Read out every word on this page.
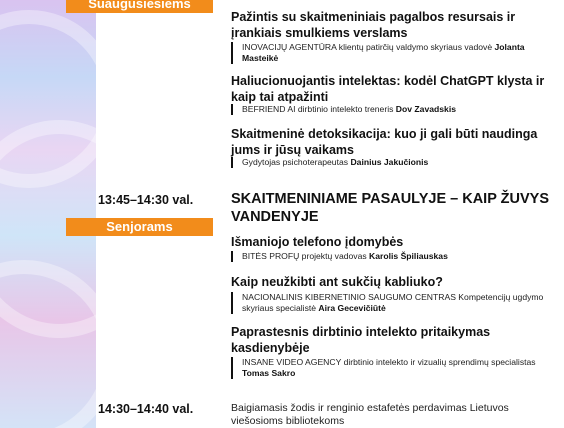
Suaugusiesiems
Pažintis su skaitmeniniais pagalbos resursais ir įrankiais smulkiems verslams
INOVACIJŲ AGENTŪRA klientų patirčių valdymo skyriaus vadovė Jolanta Masteikė
Haliucionuojantis intelektas: kodėl ChatGPT klysta ir kaip tai atpažinti
BEFRIEND AI dirbtinio intelekto treneris Dov Zavadskis
Skaitmeninė detoksikacija: kuo ji gali būti naudinga jums ir jūsų vaikams
Gydytojas psichoterapeutas Dainius Jakučionis
13:45–14:30 val.	SKAITMENINIAME PASAULYJE – KAIP ŽUVYS VANDENYJE
Senjorams
Išmaniojo telefono įdomybės
BITĖS PROFŲ projektų vadovas Karolis Špiliauskas
Kaip neužkibti ant sukčių kabliuko?
NACIONALINIS KIBERNETINIO SAUGUMO CENTRAS Kompetencijų ugdymo skyriaus specialistė Aira Gecevičiūtė
Paprastesnis dirbtinio intelekto pritaikymas kasdienybėje
INSANE VIDEO AGENCY dirbtinio intelekto ir vizualių sprendimų specialistas Tomas Sakro
14:30–14:40 val.	Baigiamasis žodis ir renginio estafetės perdavimas Lietuvos viešosioms bibliotekoms
